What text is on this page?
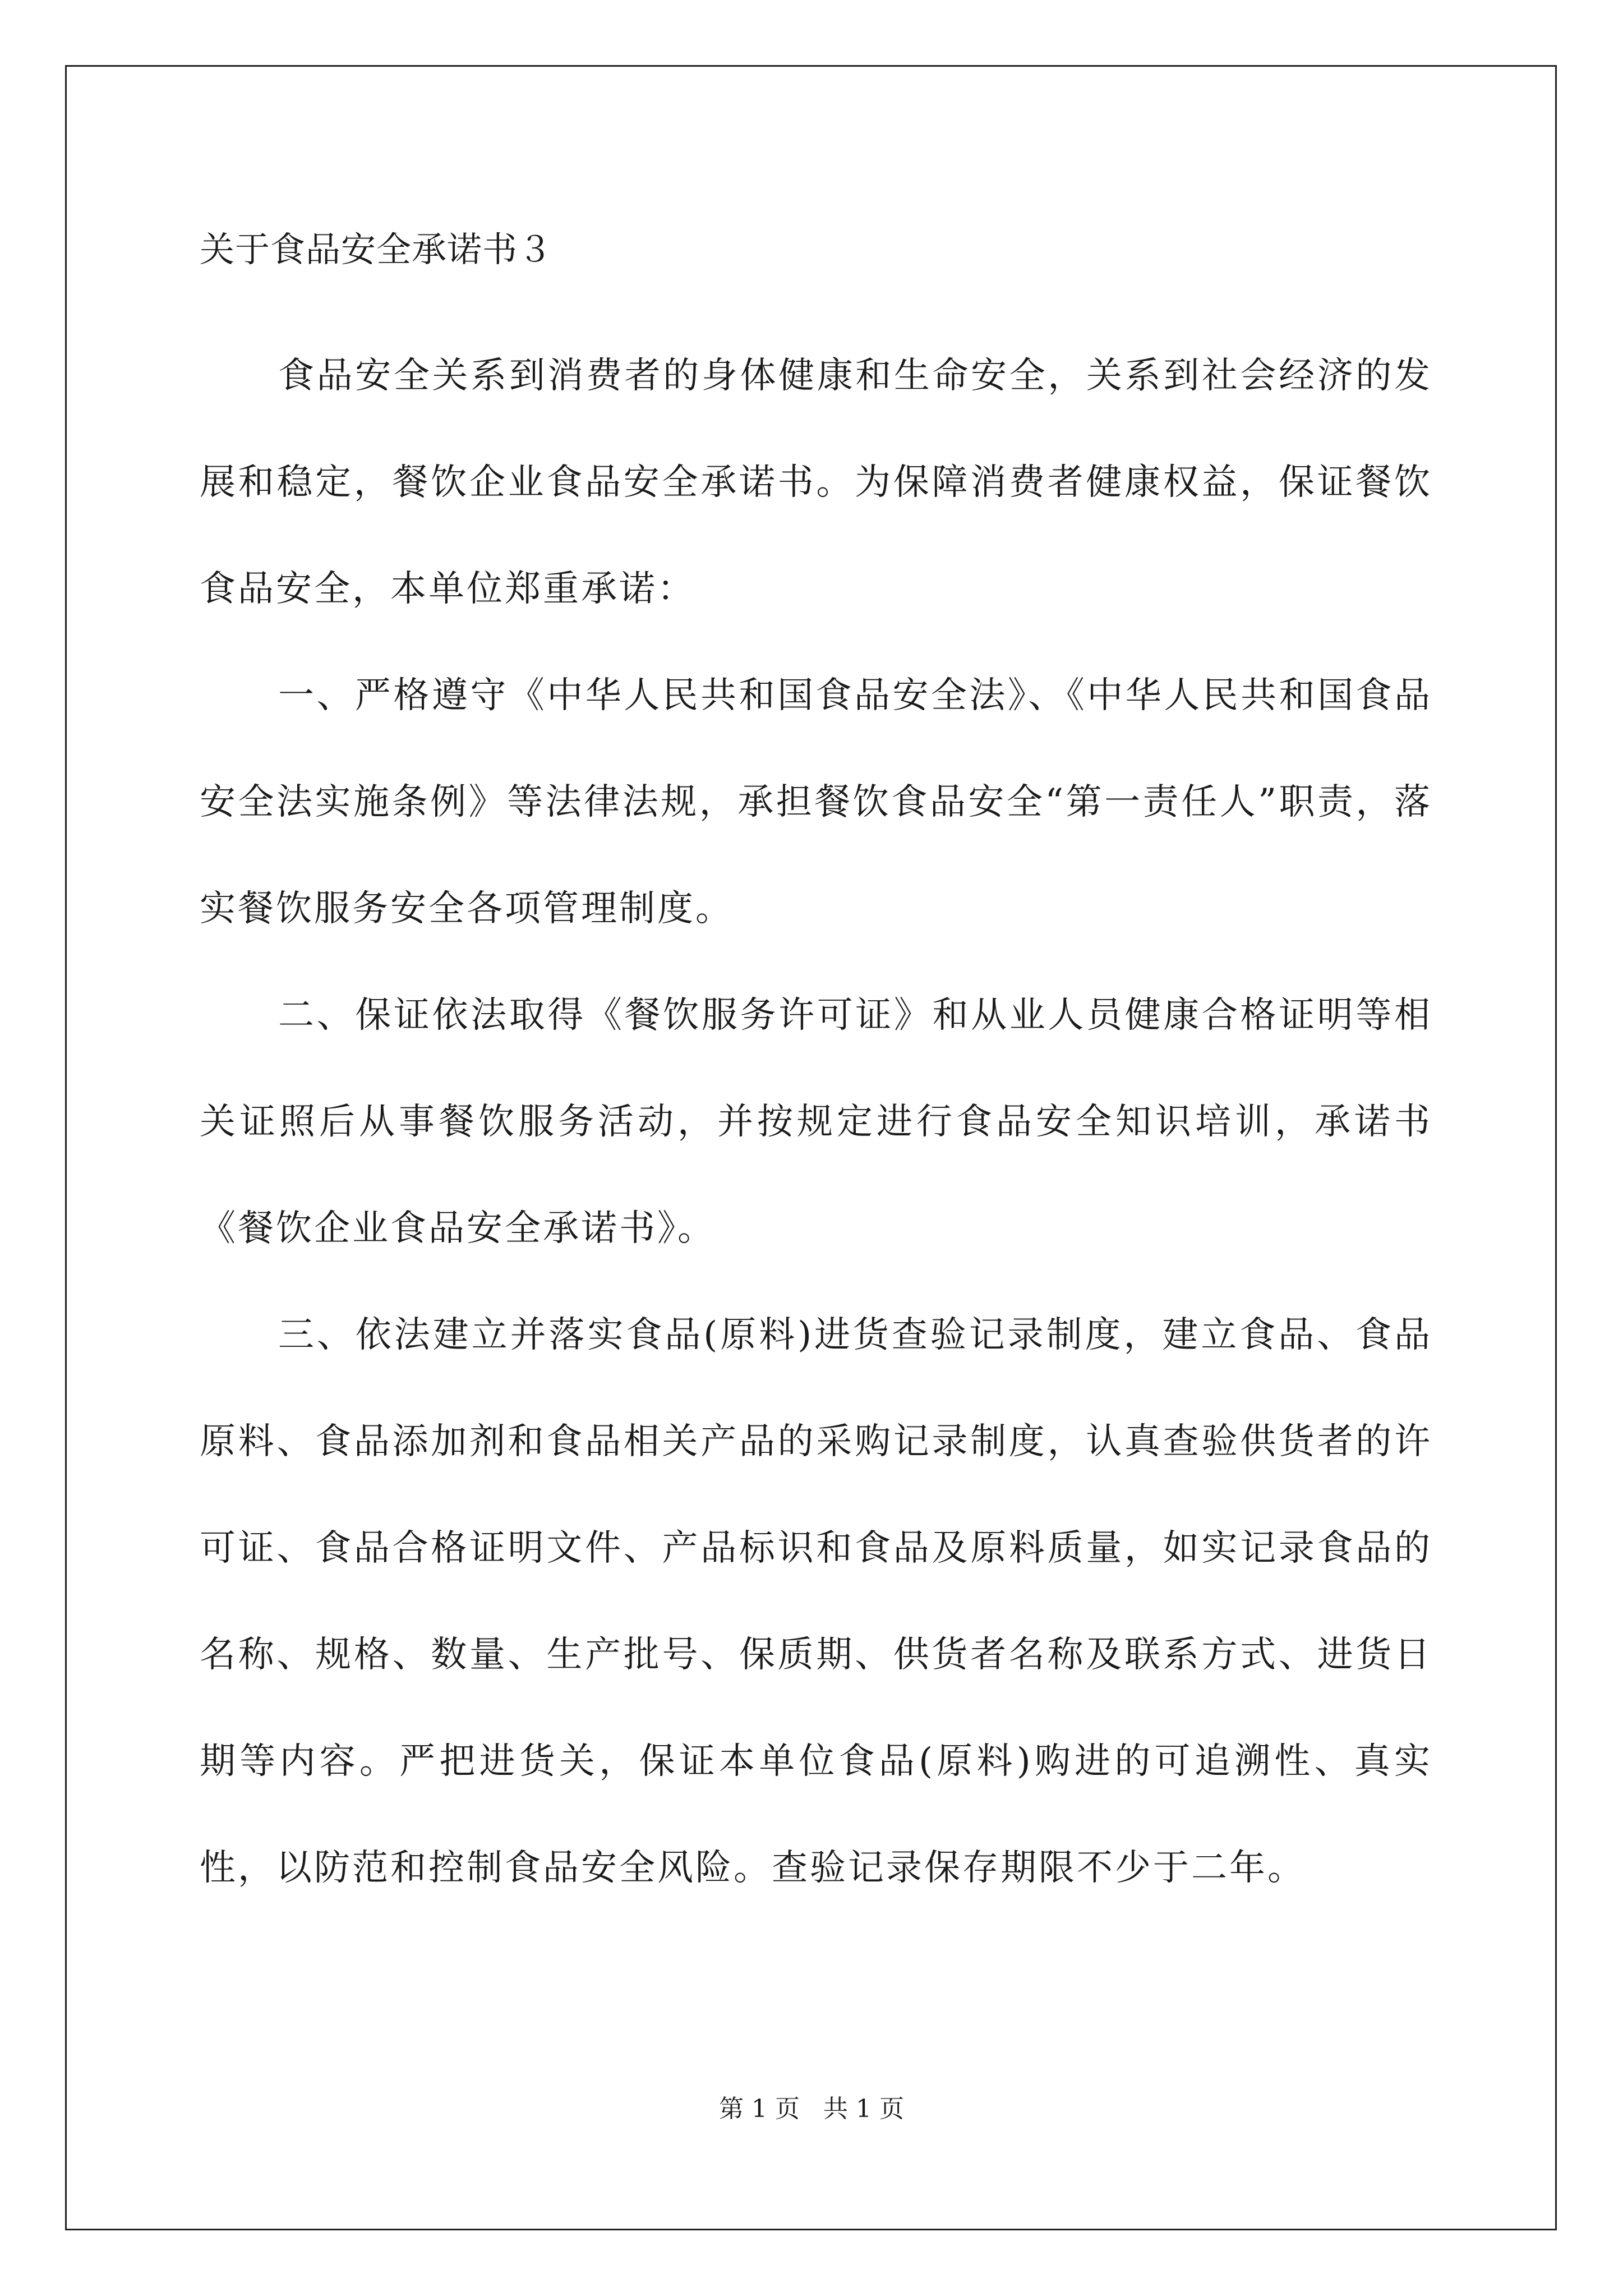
关于食品安全承诺书３

食品安全关系到消费者的身体健康和生命安全，关系到社会经济的发展和稳定，餐饮企业食品安全承诺书。为保障消费者健康权益，保证餐饮食品安全，本单位郑重承诺：

一、严格遵守《中华人民共和国食品安全法》、《中华人民共和国食品安全法实施条例》等法律法规，承担餐饮食品安全“第一责任人”职责，落实餐饮服务安全各项管理制度。

二、保证依法取得《餐饮服务许可证》和从业人员健康合格证明等相关证照后从事餐饮服务活动，并按规定进行食品安全知识培训，承诺书《餐饮企业食品安全承诺书》。

三、依法建立并落实食品(原料)进货查验记录制度，建立食品、食品原料、食品添加剂和食品相关产品的采购记录制度，认真查验供货者的许可证、食品合格证明文件、产品标识和食品及原料质量，如实记录食品的名称、规格、数量、生产批号、保质期、供货者名称及联系方式、进货日期等内容。严把进货关，保证本单位食品(原料)购进的可追溯性、真实性，以防范和控制食品安全风险。查验记录保存期限不少于二年。

第 1 页   共 1 页
